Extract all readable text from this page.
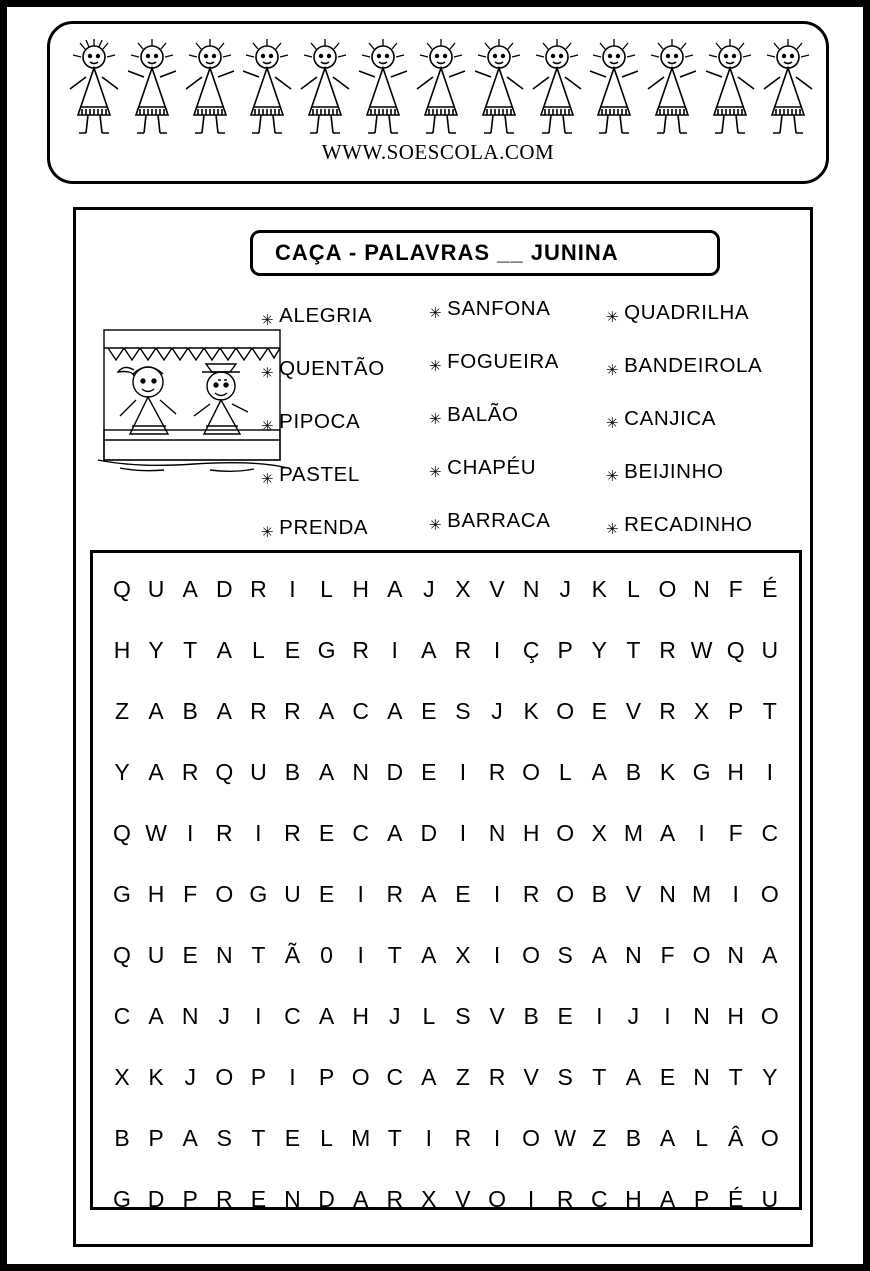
WWW.SOESCOLA.COM
CAÇA - PALAVRAS __ JUNINA
✳ ALEGRIA
✳ QUENTÃO
✳ PIPOCA
✳ PASTEL
✳ PRENDA
✳ SANFONA
✳ FOGUEIRA
✳ BALÃO
✳ CHAPÉU
✳ BARRACA
✳ QUADRILHA
✳ BANDEIROLA
✳ CANJICA
✳ BEIJINHO
✳ RECADINHO
Q U A D R I	L H A J X V N J K L O N F É
H Y T A L E G R I	A R I Ç P Y T R W Q U
Z A B A R R A C A E S J K O E V R X P T
Y A R Q U B A N D E	I R O L A B K G H I
Q W I R I R E C A D I N H O X M A	I	F C
G H F O G U E	I R A E	I R O B V N M I O
Q U E N T Ã 0	I	T A X	I O S A N F O N A
C A N J	I C A H J L S V B E	I	J	I N H O
X K J O P	I	P O C A Z R V S T A E N T Y
B P A S T E L M T	I R I O W Z B A L Â O
G D P R E N D A R X V O I R C H A P É U
